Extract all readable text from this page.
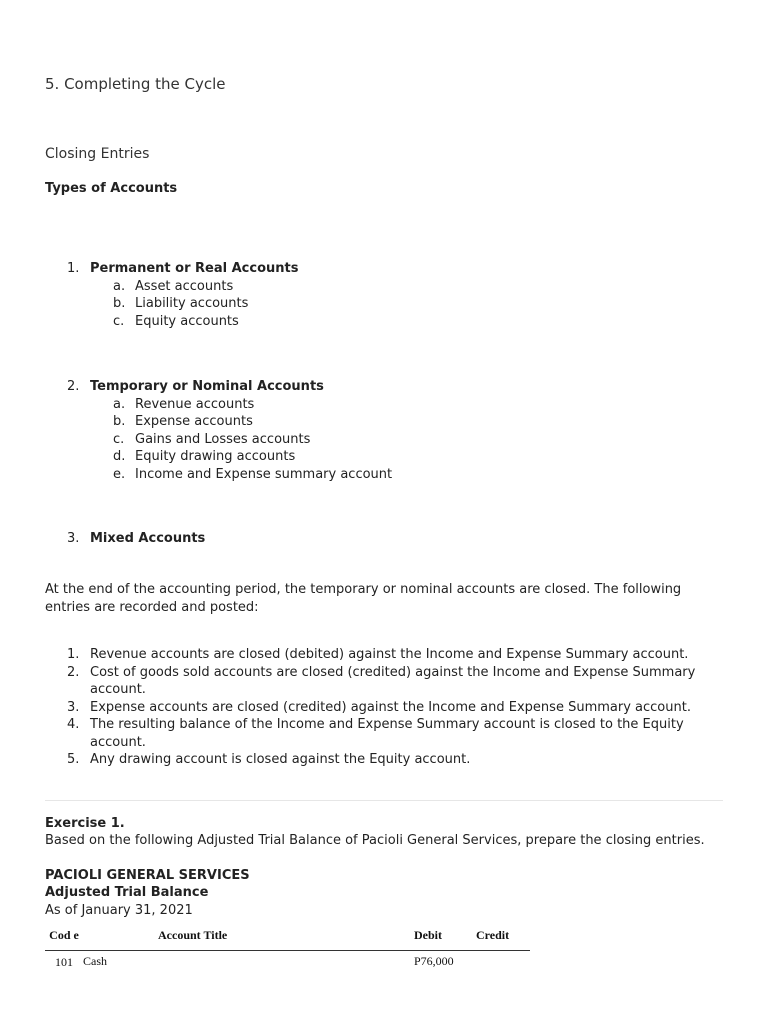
5. Completing the Cycle
Closing Entries
Types of Accounts
1. Permanent or Real Accounts
a. Asset accounts
b. Liability accounts
c. Equity accounts
2. Temporary or Nominal Accounts
a. Revenue accounts
b. Expense accounts
c. Gains and Losses accounts
d. Equity drawing accounts
e. Income and Expense summary account
3. Mixed Accounts
At the end of the accounting period, the temporary or nominal accounts are closed. The following entries are recorded and posted:
1. Revenue accounts are closed (debited) against the Income and Expense Summary account.
2. Cost of goods sold accounts are closed (credited) against the Income and Expense Summary account.
3. Expense accounts are closed (credited) against the Income and Expense Summary account.
4. The resulting balance of the Income and Expense Summary account is closed to the Equity account.
5. Any drawing account is closed against the Equity account.
Exercise 1.
Based on the following Adjusted Trial Balance of Pacioli General Services, prepare the closing entries.
PACIOLI GENERAL SERVICES
Adjusted Trial Balance
As of January 31, 2021
Cod e	Account Title	Debit	Credit
101	Cash	P76,000	
